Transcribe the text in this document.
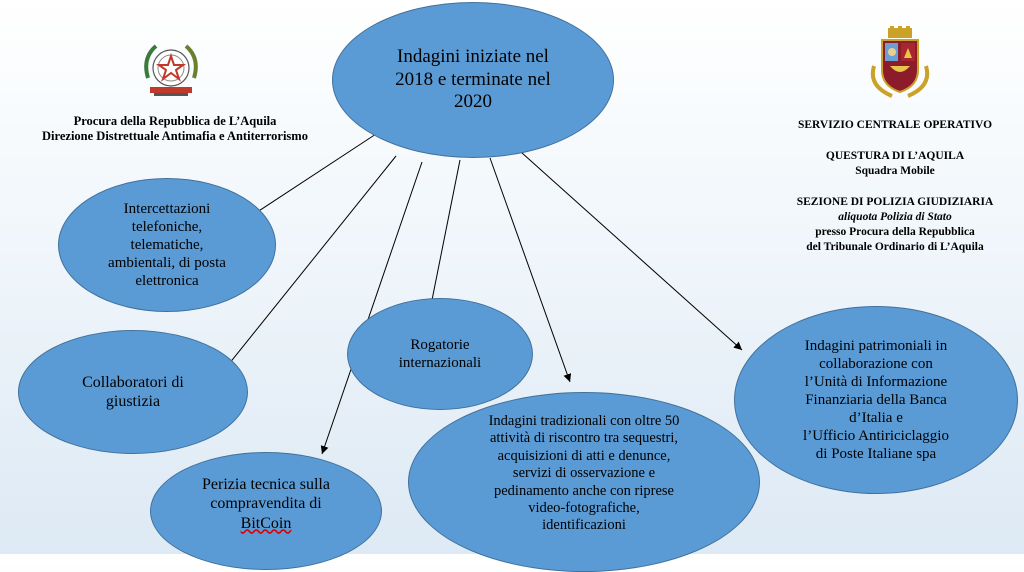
Procura della Repubblica de L’Aquila
Direzione Distrettuale Antimafia e Antiterrorismo

SERVIZIO CENTRALE OPERATIVO

QUESTURA DI L’AQUILA

Squadra Mobile

SEZIONE DI POLIZIA GIUDIZIARIA

aliquota Polizia di Stato

presso Procura della Repubblica

del Tribunale Ordinario di L’Aquila

Indagini iniziate nel
2018 e terminate nel
2020
Intercettazioni
telefoniche,
telematiche,
ambientali, di posta
elettronica
Collaboratori di
giustizia
Perizia tecnica sulla
compravendita di
BitCoin
Rogatorie
internazionali
Indagini tradizionali con oltre 50
attività di riscontro tra sequestri,
acquisizioni di atti e denunce,
servizi di osservazione e
pedinamento anche con riprese
video-fotografiche,
identificazioni
Indagini patrimoniali in
collaborazione con
l’Unità di Informazione
Finanziaria della Banca
d’Italia e
l’Ufficio Antiriciclaggio
di Poste Italiane spa
